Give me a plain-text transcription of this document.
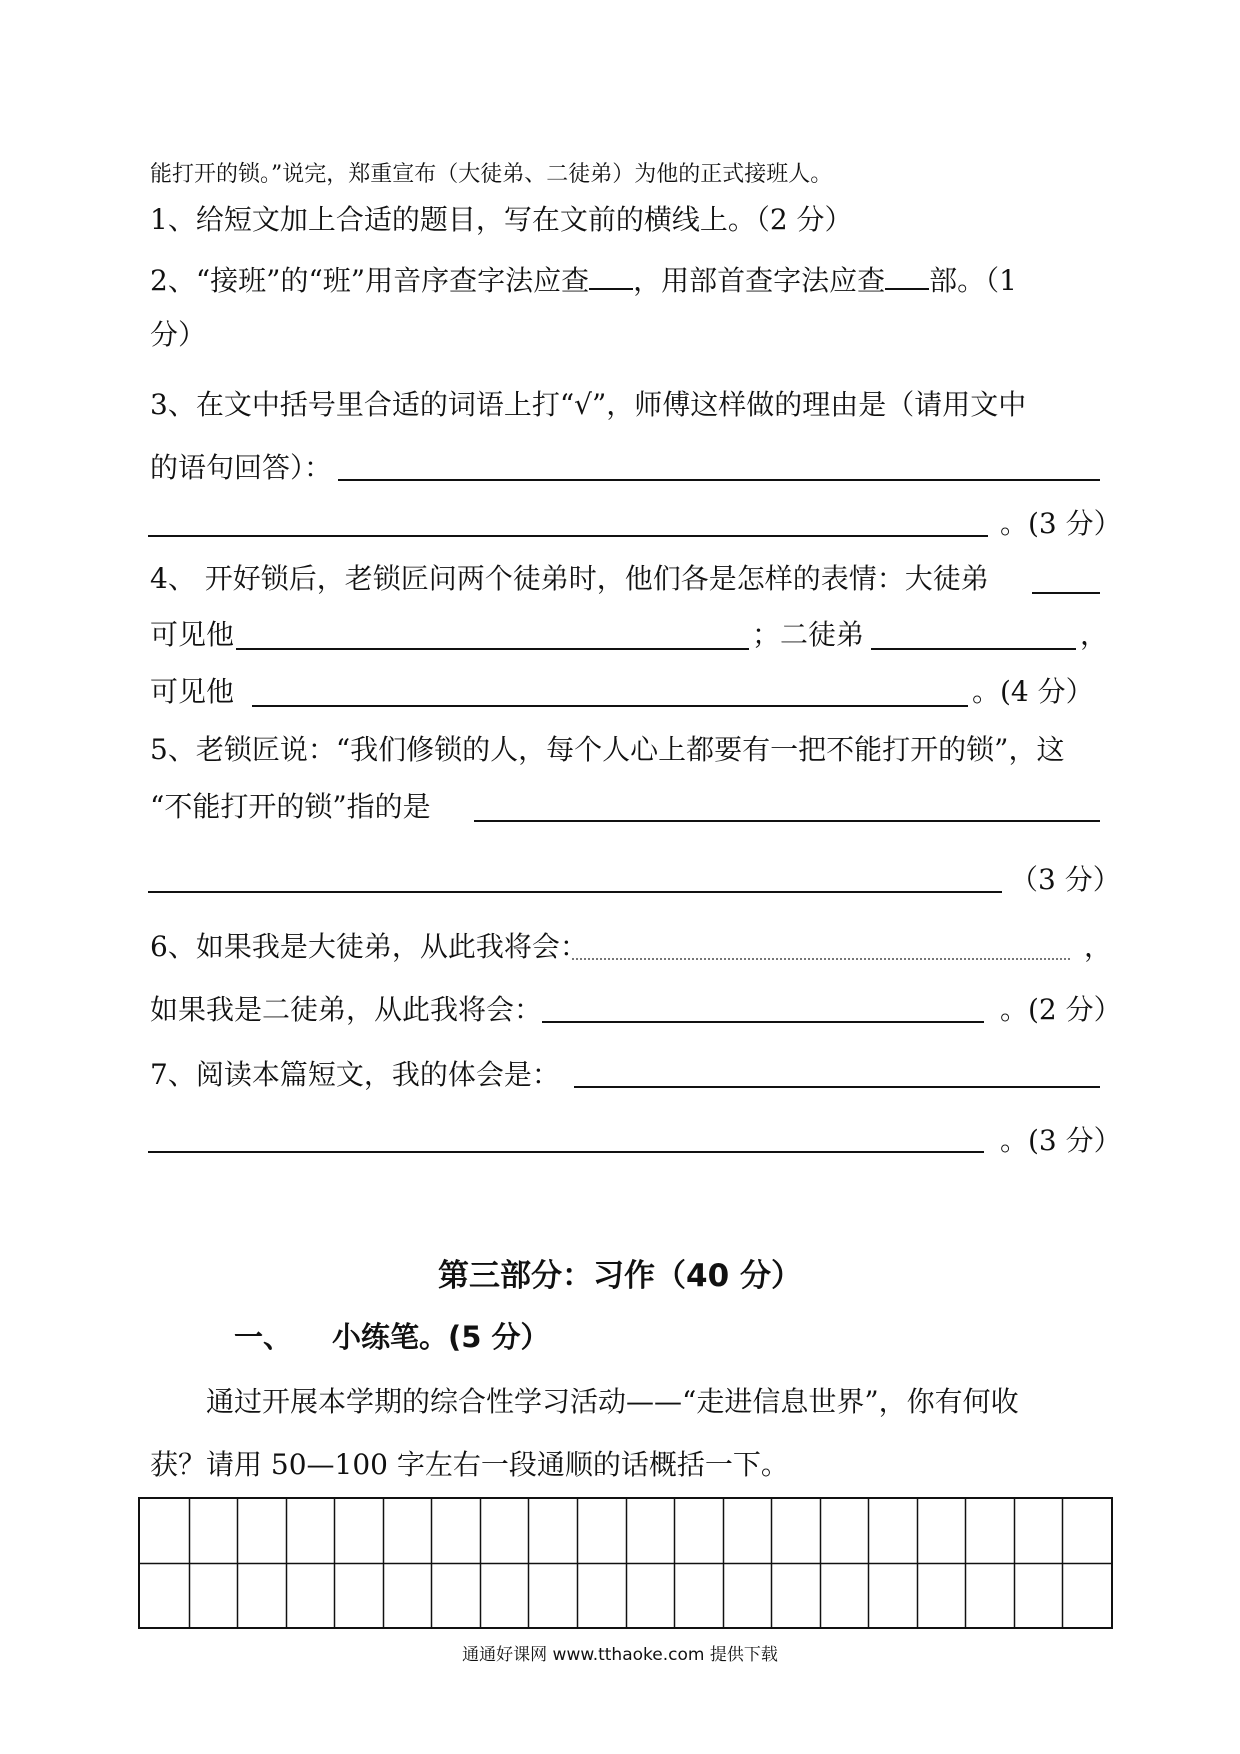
能打开的锁。”说完，郑重宣布（大徒弟、二徒弟）为他的正式接班人。
1、给短文加上合适的题目，写在文前的横线上。（2 分）
2、“接班”的“班”用音序查字法应查 ，用部首查字法应查 部。（1
分）
3、在文中括号里合适的词语上打“√”，师傅这样做的理由是（请用文中
的语句回答）：
。(3 分）
4、 开好锁后，老锁匠问两个徒弟时，他们各是怎样的表情：大徒弟
可见他	；二徒弟	，
可见他	。(4 分）
5、老锁匠说：“我们修锁的人，每个人心上都要有一把不能打开的锁”，这
“不能打开的锁”指的是
（3 分）
6、如果我是大徒弟，从此我将会：	，
如果我是二徒弟，从此我将会：	。(2 分）
7、阅读本篇短文，我的体会是：
。(3 分）
第三部分：习作（40 分）
一、 小练笔。(5 分）
通过开展本学期的综合性学习活动——“走进信息世界”，你有何收
获？请用 50—100 字左右一段通顺的话概括一下。
通通好课网 www.tthaoke.com 提供下载
